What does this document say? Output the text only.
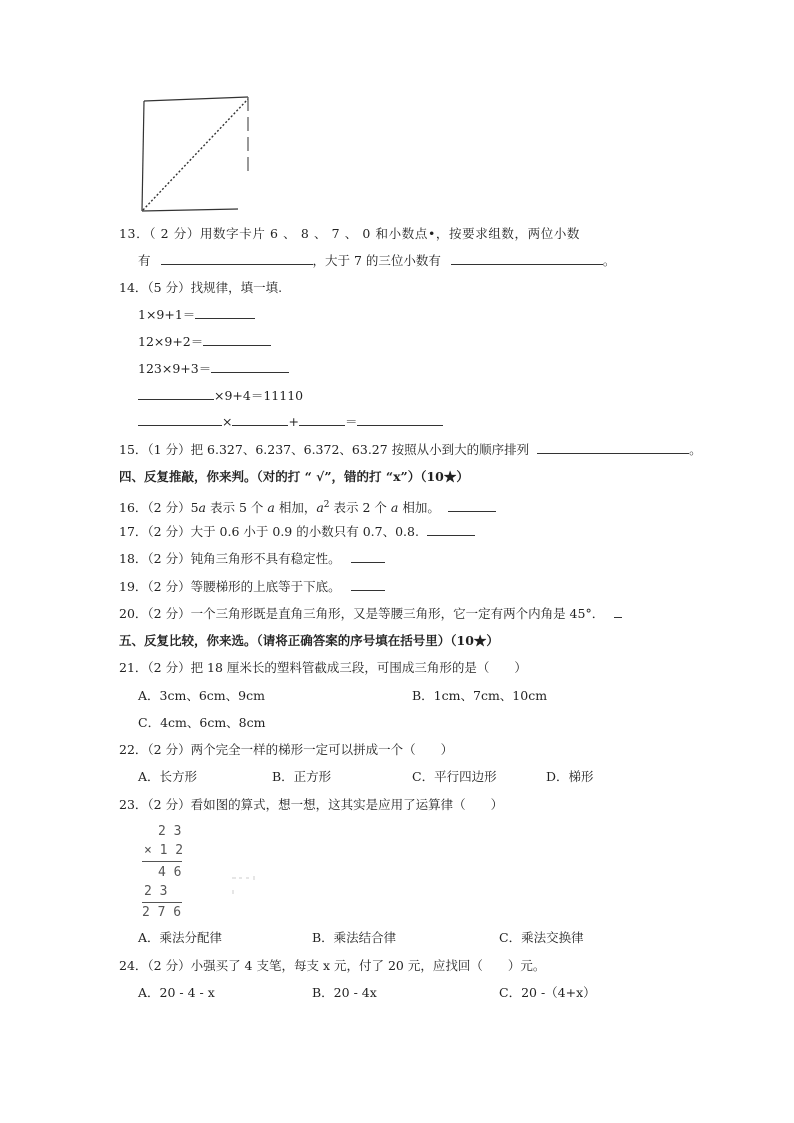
13．（ 2 分）用数字卡片 6 、 8 、 7 、 0 和小数点•，按要求组数，两位小数
有	，大于 7 的三位小数有	。
14．（5 分）找规律，填一填.
1×9+1＝
12×9+2＝
123×9+3＝
×9+4＝11110
×	+	＝
15．（1 分）把 6.327、6.237、6.372、63.27 按照从小到大的顺序排列	。
四、反复推敲，你来判。（对的打 “ √”，错的打 “x”）（10★）
16．（2 分）5a 表示 5 个 a 相加，$a^2$ 表示 2 个 a 相加。
17．（2 分）大于 0.6 小于 0.9 的小数只有 0.7、0.8.
18．（2 分）钝角三角形不具有稳定性。
19．（2 分）等腰梯形的上底等于下底。
20．（2 分）一个三角形既是直角三角形，又是等腰三角形，它一定有两个内角是 45°．
五、反复比较，你来选。（请将正确答案的序号填在括号里）（10★）
21．（2 分）把 18 厘米长的塑料管截成三段，可围成三角形的是（　　）
A．3cm、6cm、9cm	B．1cm、7cm、10cm
C．4cm、6cm、8cm
22．（2 分）两个完全一样的梯形一定可以拼成一个（　　）
A．长方形	B．正方形	C．平行四边形	D．梯形
23．（2 分）看如图的算式，想一想，这其实是应用了运算律（　　）
2 3
× 1 2
4 6
2 3
2 7 6
A．乘法分配律	B．乘法结合律	C．乘法交换律
24．（2 分）小强买了 4 支笔，每支 x 元，付了 20 元，应找回（　　）元。
A．20 - 4 - x	B．20 - 4x	C．20 -（4+x）
